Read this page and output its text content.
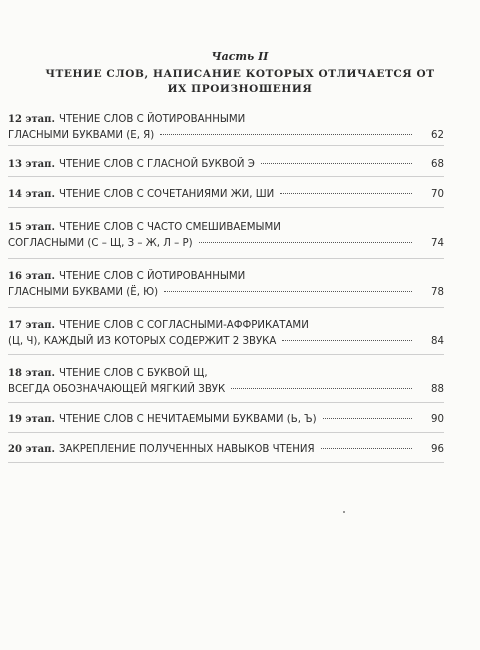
Часть II
ЧТЕНИЕ СЛОВ, НАПИСАНИЕ КОТОРЫХ ОТЛИЧАЕТСЯ ОТ ИХ ПРОИЗНОШЕНИЯ
12 этап. ЧТЕНИЕ СЛОВ С ЙОТИРОВАННЫМИ
ГЛАСНЫМИ БУКВАМИ (Е, Я)	62
13 этап. ЧТЕНИЕ СЛОВ С ГЛАСНОЙ БУКВОЙ Э	68
14 этап. ЧТЕНИЕ СЛОВ С СОЧЕТАНИЯМИ ЖИ, ШИ	70
15 этап. ЧТЕНИЕ СЛОВ С ЧАСТО СМЕШИВАЕМЫМИ
СОГЛАСНЫМИ (С – Щ, З – Ж, Л – Р)	74
16 этап. ЧТЕНИЕ СЛОВ С ЙОТИРОВАННЫМИ
ГЛАСНЫМИ БУКВАМИ (Ё, Ю)	78
17 этап. ЧТЕНИЕ СЛОВ С СОГЛАСНЫМИ-АФФРИКАТАМИ
(Ц, Ч), КАЖДЫЙ ИЗ КОТОРЫХ СОДЕРЖИТ 2 ЗВУКА	84
18 этап. ЧТЕНИЕ СЛОВ С БУКВОЙ Щ,
ВСЕГДА ОБОЗНАЧАЮЩЕЙ МЯГКИЙ ЗВУК	88
19 этап. ЧТЕНИЕ СЛОВ С НЕЧИТАЕМЫМИ БУКВАМИ (Ь, Ъ)	90
20 этап. ЗАКРЕПЛЕНИЕ ПОЛУЧЕННЫХ НАВЫКОВ ЧТЕНИЯ	96
